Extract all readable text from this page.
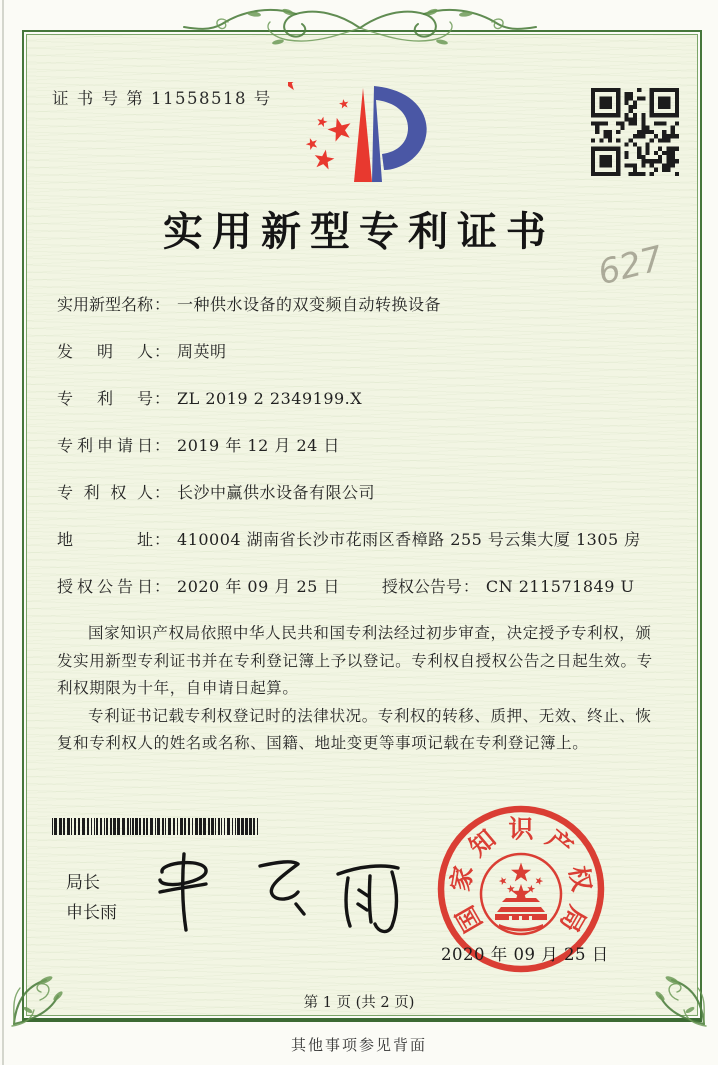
证 书 号 第 11558518 号
实用新型专利证书
627
实用新型名称： 一种供水设备的双变频自动转换设备
发明人： 周英明
专利号： ZL 2019 2 2349199.X
专利申请日： 2019 年 12 月 24 日
专利权人： 长沙中赢供水设备有限公司
地址： 410004 湖南省长沙市花雨区香樟路 255 号云集大厦 1305 房
授权公告日： 2020 年 09 月 25 日	授权公告号： CN 211571849 U

国家知识产权局依照中华人民共和国专利法经过初步审查，决定授予专利权，颁发实用新型专利证书并在专利登记簿上予以登记。专利权自授权公告之日起生效。专利权期限为十年，自申请日起算。

专利证书记载专利权登记时的法律状况。专利权的转移、质押、无效、终止、恢复和专利权人的姓名或名称、国籍、地址变更等事项记载在专利登记簿上。

局长
申长雨	国
家
知 识 产
权
局
2020 年 09 月 25 日
第 1 页 (共 2 页)
其他事项参见背面
